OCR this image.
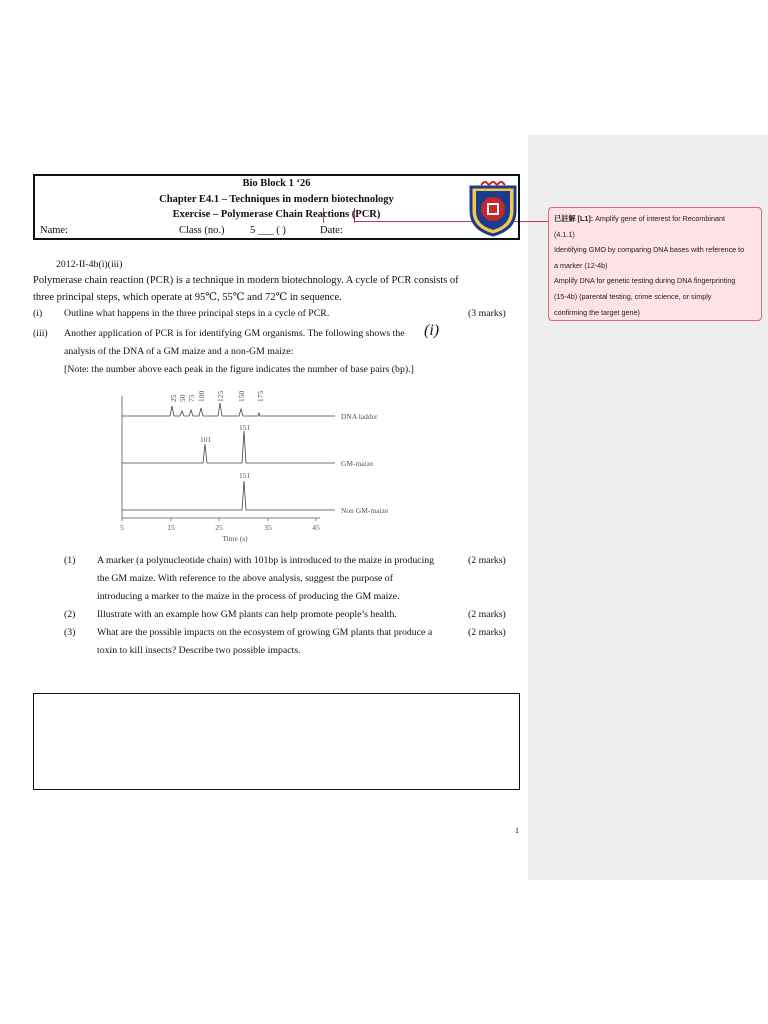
已註解 [L1]: Amplify gene of interest for Recombinant
(4.1.1)
Identifying GMO by comparing DNA bases with reference to
a marker (12-4b)
Amplify DNA for genetic testing during DNA fingerprinting
(15-4b) (parental testing, crime science, or simply
confirming the target gene)
Bio Block 1 ‘26
Chapter E4.1 – Techniques in modern biotechnology
Exercise – Polymerase Chain Reactions (PCR)
Name:	Class (no.) 5 ___ ( )	Date:
2012-II-4b(i)(iii)
Polymerase chain reaction (PCR) is a technique in modern biotechnology. A cycle of PCR consists of
three principal steps, which operate at 95℃, 55℃ and 72℃ in sequence.
(i) Outline what happens in the three principal steps in a cycle of PCR.	(3 marks)
(iii) Another application of PCR is for identifying GM organisms. The following shows the (i)
analysis of the DNA of a GM maize and a non-GM maize:
[Note: the number above each peak in the figure indicates the number of base pairs (bp).]
25 50 75 100 125 150 175
DNA ladder
101
151
GM-maize
151
Non GM-maize
5	15	25	35	45
Time (s)
(1) A marker (a polynucleotide chain) with 101bp is introduced to the maize in producing	(2 marks)
the GM maize. With reference to the above analysis, suggest the purpose of
introducing a marker to the maize in the process of producing the GM maize.
(2) Illustrate with an example how GM plants can help promote people’s health.	(2 marks)
(3) What are the possible impacts on the ecosystem of growing GM plants that produce a	(2 marks)
toxin to kill insects? Describe two possible impacts.
1
